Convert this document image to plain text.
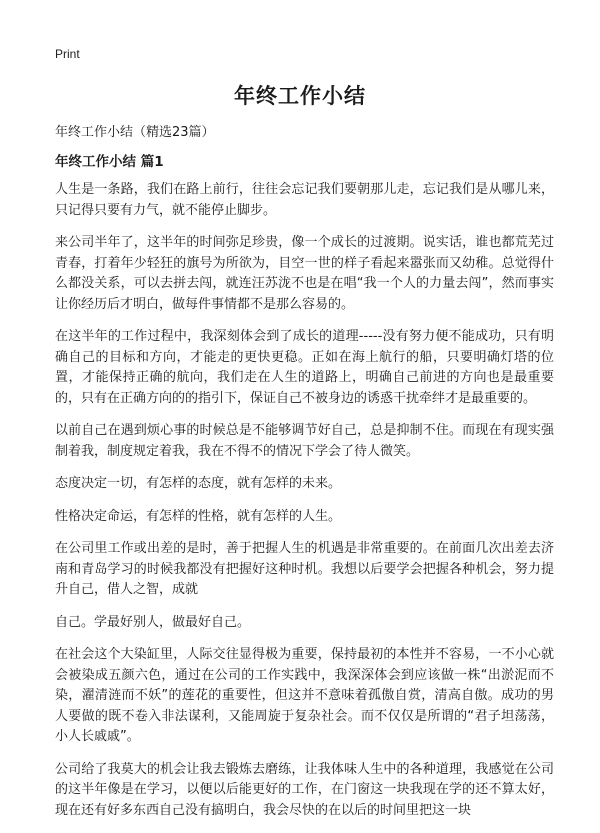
Print
年终工作小结

年终工作小结（精选23篇）

年终工作小结 篇1

人生是一条路，我们在路上前行，往往会忘记我们要朝那儿走，忘记我们是从哪儿来，只记得只要有力气，就不能停止脚步。

来公司半年了，这半年的时间弥足珍贵，像一个成长的过渡期。说实话，谁也都荒芜过青春，打着年少轻狂的旗号为所欲为，目空一世的样子看起来嚣张而又幼稚。总觉得什么都没关系，可以去拼去闯，就连汪苏泷不也是在唱“我一个人的力量去闯”，然而事实让你经历后才明白，做每件事情都不是那么容易的。

在这半年的工作过程中，我深刻体会到了成长的道理-----没有努力便不能成功，只有明确自己的目标和方向，才能走的更快更稳。正如在海上航行的船，只要明确灯塔的位置，才能保持正确的航向，我们走在人生的道路上，明确自己前进的方向也是最重要的，只有在正确方向的的指引下，保证自己不被身边的诱惑干扰牵绊才是最重要的。

以前自己在遇到烦心事的时候总是不能够调节好自己，总是抑制不住。而现在有现实强制着我，制度规定着我，我在不得不的情况下学会了待人微笑。

态度决定一切，有怎样的态度，就有怎样的未来。

性格决定命运，有怎样的性格，就有怎样的人生。

在公司里工作或出差的是时，善于把握人生的机遇是非常重要的。在前面几次出差去济南和青岛学习的时候我都没有把握好这种时机。我想以后要学会把握各种机会，努力提升自己，借人之智，成就

自己。学最好别人，做最好自己。

在社会这个大染缸里，人际交往显得极为重要，保持最初的本性并不容易，一不小心就会被染成五颜六色，通过在公司的工作实践中，我深深体会到应该做一株“出淤泥而不染，濯清涟而不妖”的莲花的重要性，但这并不意味着孤傲自赏，清高自傲。成功的男人要做的既不卷入非法谋利，又能周旋于复杂社会。而不仅仅是所谓的“君子坦荡荡，小人长戚戚”。

公司给了我莫大的机会让我去锻炼去磨练，让我体味人生中的各种道理，我感觉在公司的这半年像是在学习，以便以后能更好的工作，在门窗这一块我现在学的还不算太好，现在还有好多东西自己没有搞明白，我会尽快的在以后的时间里把这一块
